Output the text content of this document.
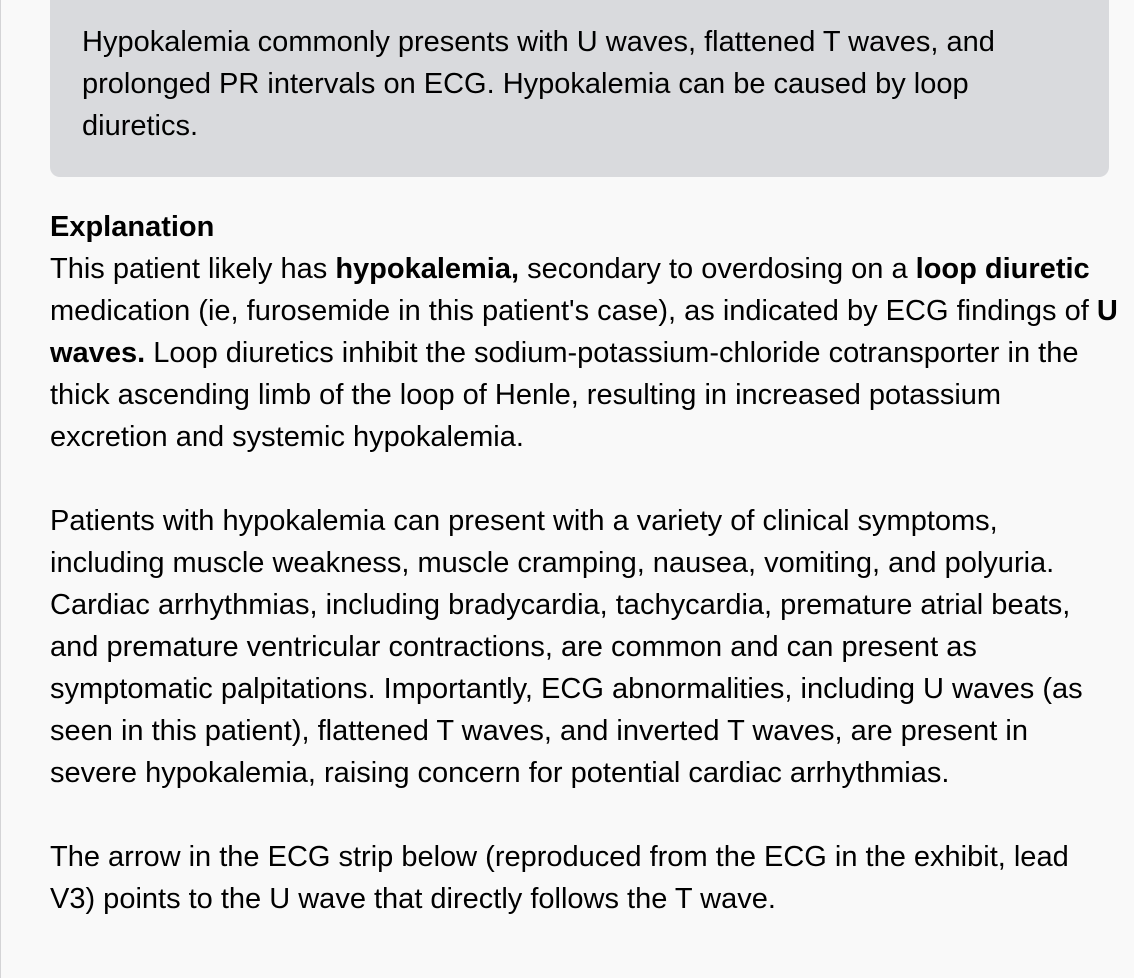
Hypokalemia commonly presents with U waves, flattened T waves, and prolonged PR intervals on ECG. Hypokalemia can be caused by loop diuretics.
Explanation

This patient likely has hypokalemia, secondary to overdosing on a loop diuretic medication (ie, furosemide in this patient's case), as indicated by ECG findings of U waves. Loop diuretics inhibit the sodium-potassium-chloride cotransporter in the thick ascending limb of the loop of Henle, resulting in increased potassium excretion and systemic hypokalemia.

Patients with hypokalemia can present with a variety of clinical symptoms, including muscle weakness, muscle cramping, nausea, vomiting, and polyuria. Cardiac arrhythmias, including bradycardia, tachycardia, premature atrial beats, and premature ventricular contractions, are common and can present as symptomatic palpitations. Importantly, ECG abnormalities, including U waves (as seen in this patient), flattened T waves, and inverted T waves, are present in severe hypokalemia, raising concern for potential cardiac arrhythmias.

The arrow in the ECG strip below (reproduced from the ECG in the exhibit, lead V3) points to the U wave that directly follows the T wave.
